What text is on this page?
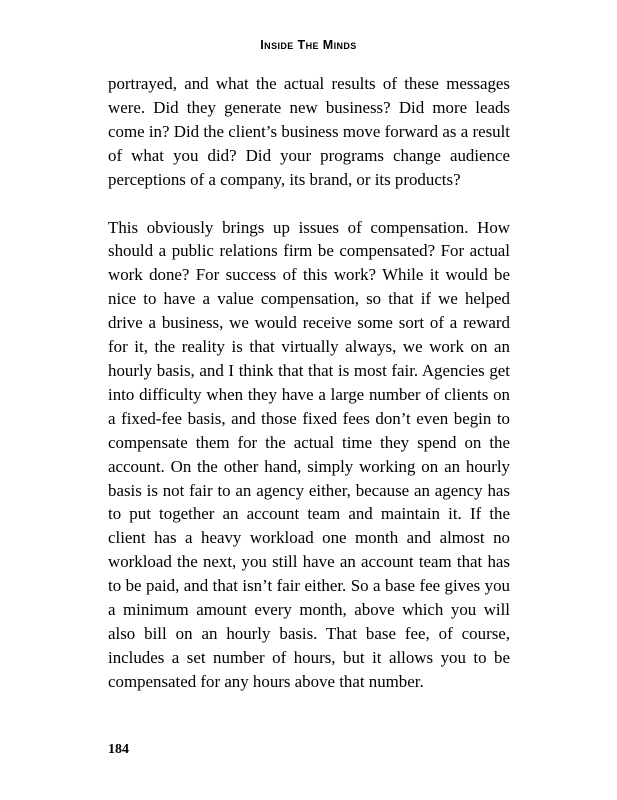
Inside The Minds

portrayed, and what the actual results of these messages were. Did they generate new business? Did more leads come in? Did the client’s business move forward as a result of what you did? Did your programs change audience perceptions of a company, its brand, or its products?

This obviously brings up issues of compensation. How should a public relations firm be compensated? For actual work done? For success of this work? While it would be nice to have a value compensation, so that if we helped drive a business, we would receive some sort of a reward for it, the reality is that virtually always, we work on an hourly basis, and I think that that is most fair. Agencies get into difficulty when they have a large number of clients on a fixed-fee basis, and those fixed fees don’t even begin to compensate them for the actual time they spend on the account. On the other hand, simply working on an hourly basis is not fair to an agency either, because an agency has to put together an account team and maintain it. If the client has a heavy workload one month and almost no workload the next, you still have an account team that has to be paid, and that isn’t fair either. So a base fee gives you a minimum amount every month, above which you will also bill on an hourly basis. That base fee, of course, includes a set number of hours, but it allows you to be compensated for any hours above that number.

184
